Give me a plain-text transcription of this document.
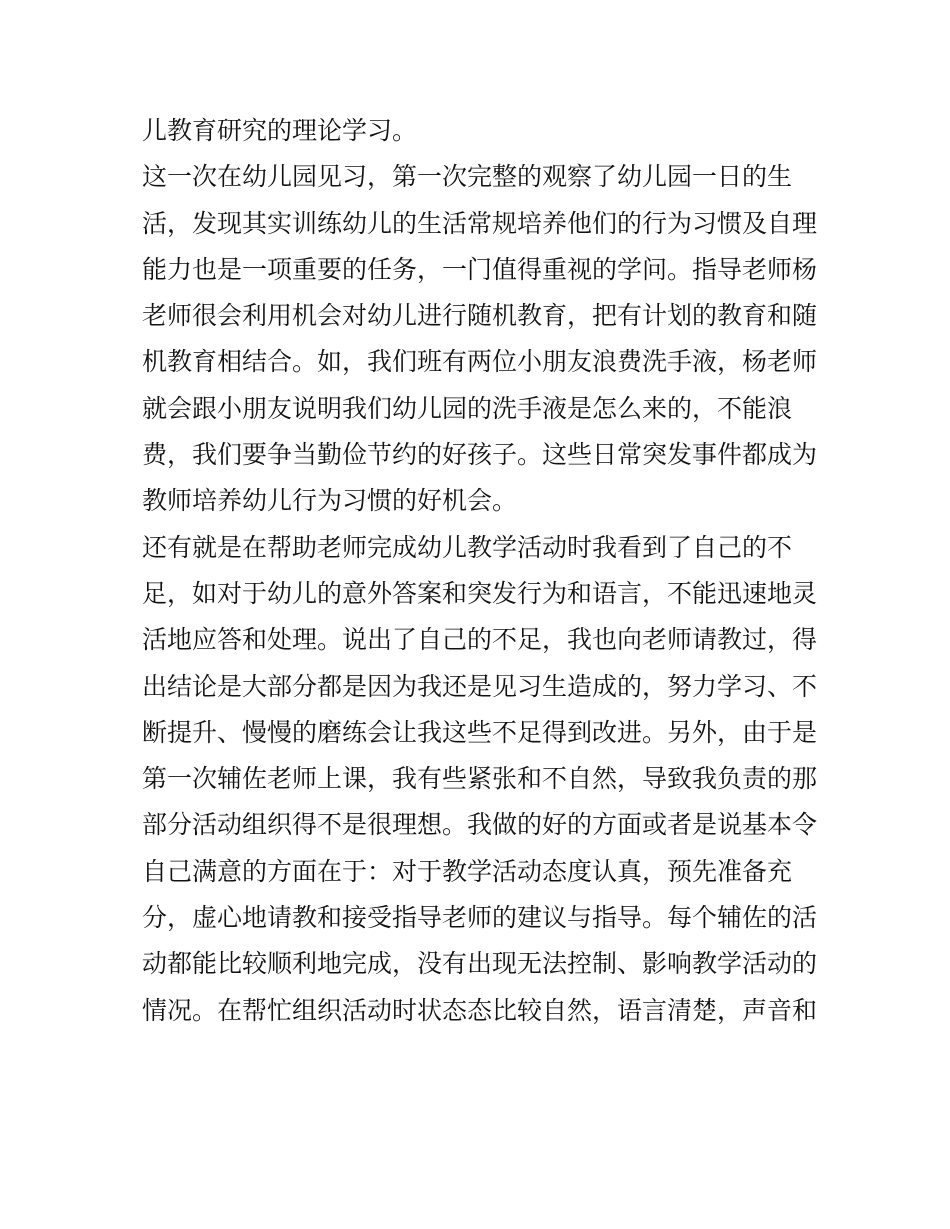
儿教育研究的理论学习。
这一次在幼儿园见习，第一次完整的观察了幼儿园一日的生
活，发现其实训练幼儿的生活常规培养他们的行为习惯及自理
能力也是一项重要的任务，一门值得重视的学问。指导老师杨
老师很会利用机会对幼儿进行随机教育，把有计划的教育和随
机教育相结合。如，我们班有两位小朋友浪费洗手液，杨老师
就会跟小朋友说明我们幼儿园的洗手液是怎么来的，不能浪
费，我们要争当勤俭节约的好孩子。这些日常突发事件都成为
教师培养幼儿行为习惯的好机会。
还有就是在帮助老师完成幼儿教学活动时我看到了自己的不
足，如对于幼儿的意外答案和突发行为和语言，不能迅速地灵
活地应答和处理。说出了自己的不足，我也向老师请教过，得
出结论是大部分都是因为我还是见习生造成的，努力学习、不
断提升、慢慢的磨练会让我这些不足得到改进。另外，由于是
第一次辅佐老师上课，我有些紧张和不自然，导致我负责的那
部分活动组织得不是很理想。我做的好的方面或者是说基本令
自己满意的方面在于：对于教学活动态度认真，预先准备充
分，虚心地请教和接受指导老师的建议与指导。每个辅佐的活
动都能比较顺利地完成，没有出现无法控制、影响教学活动的
情况。在帮忙组织活动时状态态比较自然，语言清楚，声音和
